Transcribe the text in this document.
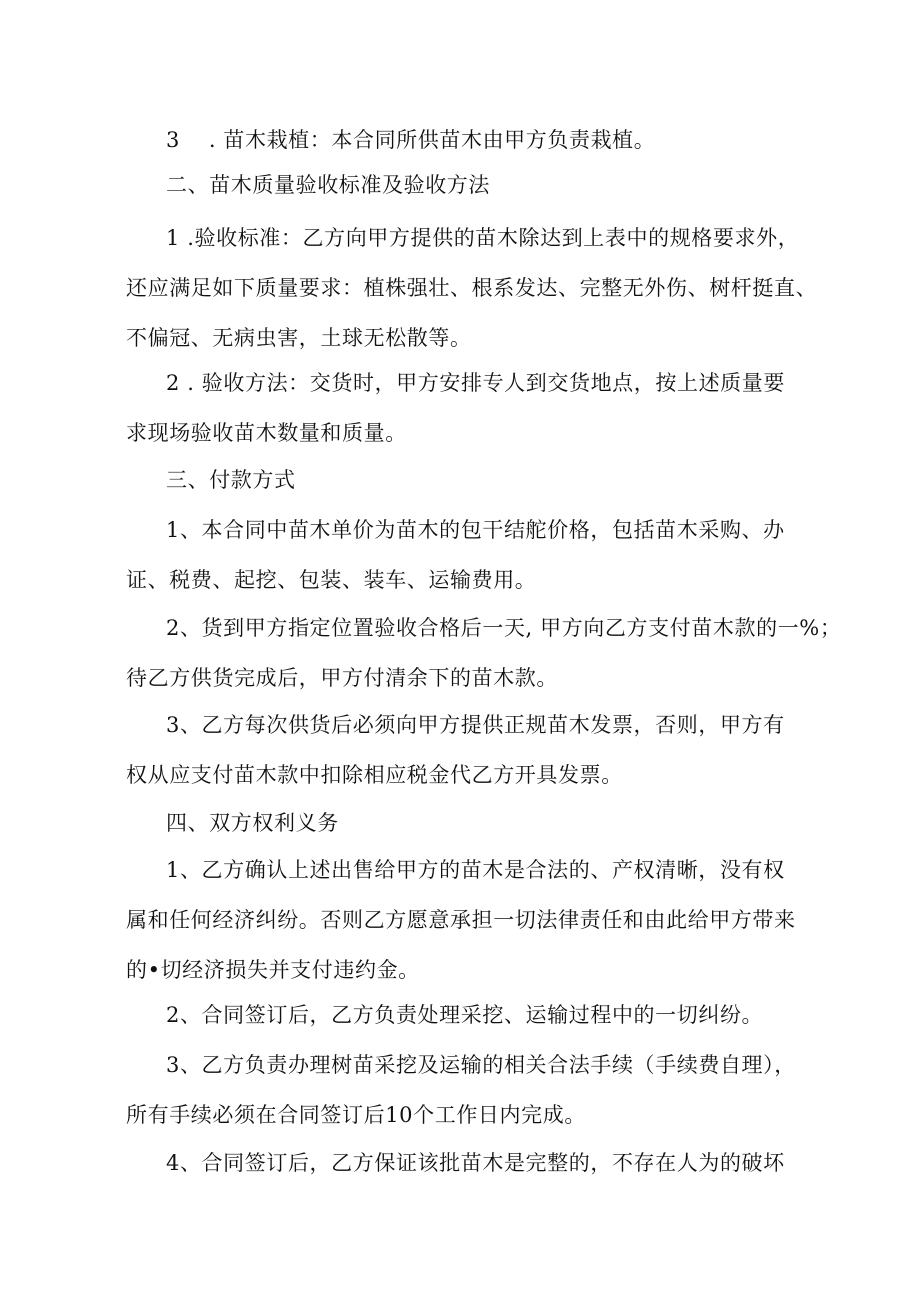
3　 . 苗木栽植：本合同所供苗木由甲方负责栽植。

二、苗木质量验收标准及验收方法

1 .验收标准：乙方向甲方提供的苗木除达到上表中的规格要求外，
还应满足如下质量要求：植株强壮、根系发达、完整无外伤、树杆挺直、
不偏冠、无病虫害，土球无松散等。

2 . 验收方法：交货时，甲方安排专人到交货地点，按上述质量要
求现场验收苗木数量和质量。

三、付款方式

1、本合同中苗木单价为苗木的包干结舵价格，包括苗木采购、办
证、税费、起挖、包装、装车、运输费用。

2、货到甲方指定位置验收合格后一天, 甲方向乙方支付苗木款的一%；
待乙方供货完成后，甲方付清余下的苗木款。

3、乙方每次供货后必须向甲方提供正规苗木发票，否则，甲方有
权从应支付苗木款中扣除相应税金代乙方开具发票。

四、双方权利义务

1、乙方确认上述出售给甲方的苗木是合法的、产权清晰，没有权
属和任何经济纠纷。否则乙方愿意承担一切法律责任和由此给甲方带来
的•切经济损失并支付违约金。

2、合同签订后，乙方负责处理采挖、运输过程中的一切纠纷。

3、乙方负责办理树苗采挖及运输的相关合法手续（手续费自理），
所有手续必须在合同签订后10个工作日内完成。

4、合同签订后，乙方保证该批苗木是完整的，不存在人为的破坏
